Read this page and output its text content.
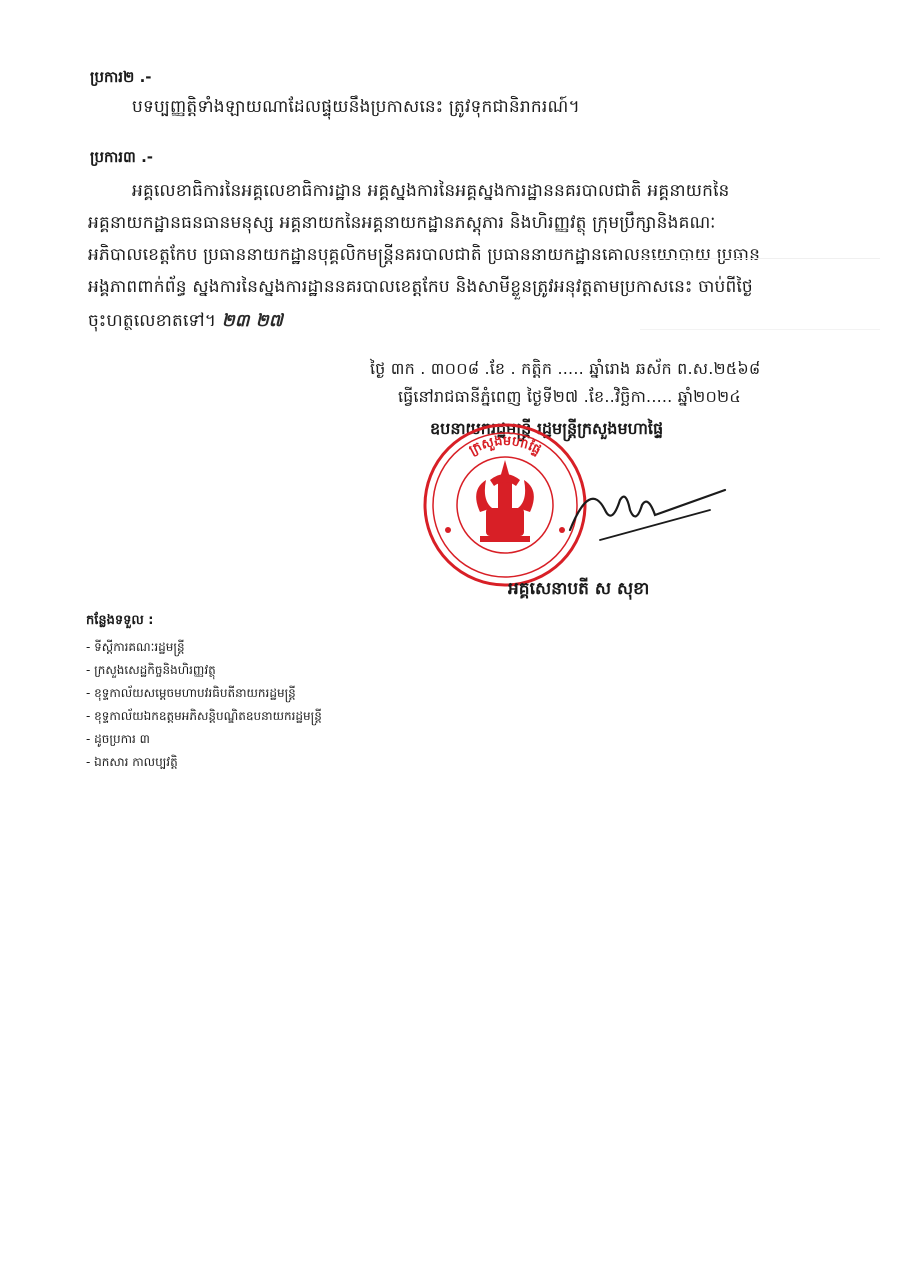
ប្រការ២ .-
បទប្បញ្ញត្តិទាំងឡាយណាដែលផ្ទុយនឹងប្រកាសនេះ ត្រូវទុកជានិរាករណ៍។
ប្រការ៣ .-
អគ្គលេខាធិការនៃអគ្គលេខាធិការដ្ឋាន អគ្គស្នងការនៃអគ្គស្នងការដ្ឋាននគរបាលជាតិ អគ្គនាយកនៃ
អគ្គនាយកដ្ឋានធនធានមនុស្ស អគ្គនាយកនៃអគ្គនាយកដ្ឋានភស្តុភារ និងហិរញ្ញវត្ថុ ក្រុមប្រឹក្សានិងគណៈ
អភិបាលខេត្តកែប ប្រធាននាយកដ្ឋានបុគ្គលិកមន្ត្រីនគរបាលជាតិ ប្រធាននាយកដ្ឋានគោលនយោបាយ ប្រធាន
អង្គភាពពាក់ព័ន្ធ ស្នងការនៃស្នងការដ្ឋាននគរបាលខេត្តកែប និងសាមីខ្លួនត្រូវអនុវត្តតាមប្រកាសនេះ ចាប់ពីថ្ងៃ
ចុះហត្ថលេខាតទៅ។ ២៣ ២៧
ថ្ងៃ ៣ក . ៣០០៨ .ខែ . កត្ដិក ..... ឆ្នាំរោង ឆស័ក ព.ស.២៥៦៨
ធ្វើនៅរាជធានីភ្នំពេញ ថ្ងៃទី២៧ .ខែ..វិច្ឆិកា..... ឆ្នាំ២០២៤
ឧបនាយករដ្ឋមន្ត្រី រដ្ឋមន្ត្រីក្រសួងមហាផ្ទៃ
ក្រសួងមហាផ្ទៃ
អគ្គសេនាបតី ស សុខា
កន្លែងទទួល :
- ទីស្ដីការគណៈរដ្ឋមន្ត្រី
- ក្រសួងសេដ្ឋកិច្ចនិងហិរញ្ញវត្ថុ
- ខុទ្ទកាល័យសម្ដេចមហាបវរធិបតីនាយករដ្ឋមន្ត្រី
- ខុទ្ទកាល័យឯកឧត្ដមអភិសន្តិបណ្ឌិតឧបនាយករដ្ឋមន្ត្រី
- ដូចប្រការ ៣
- ឯកសារ កាលប្បវត្តិ
